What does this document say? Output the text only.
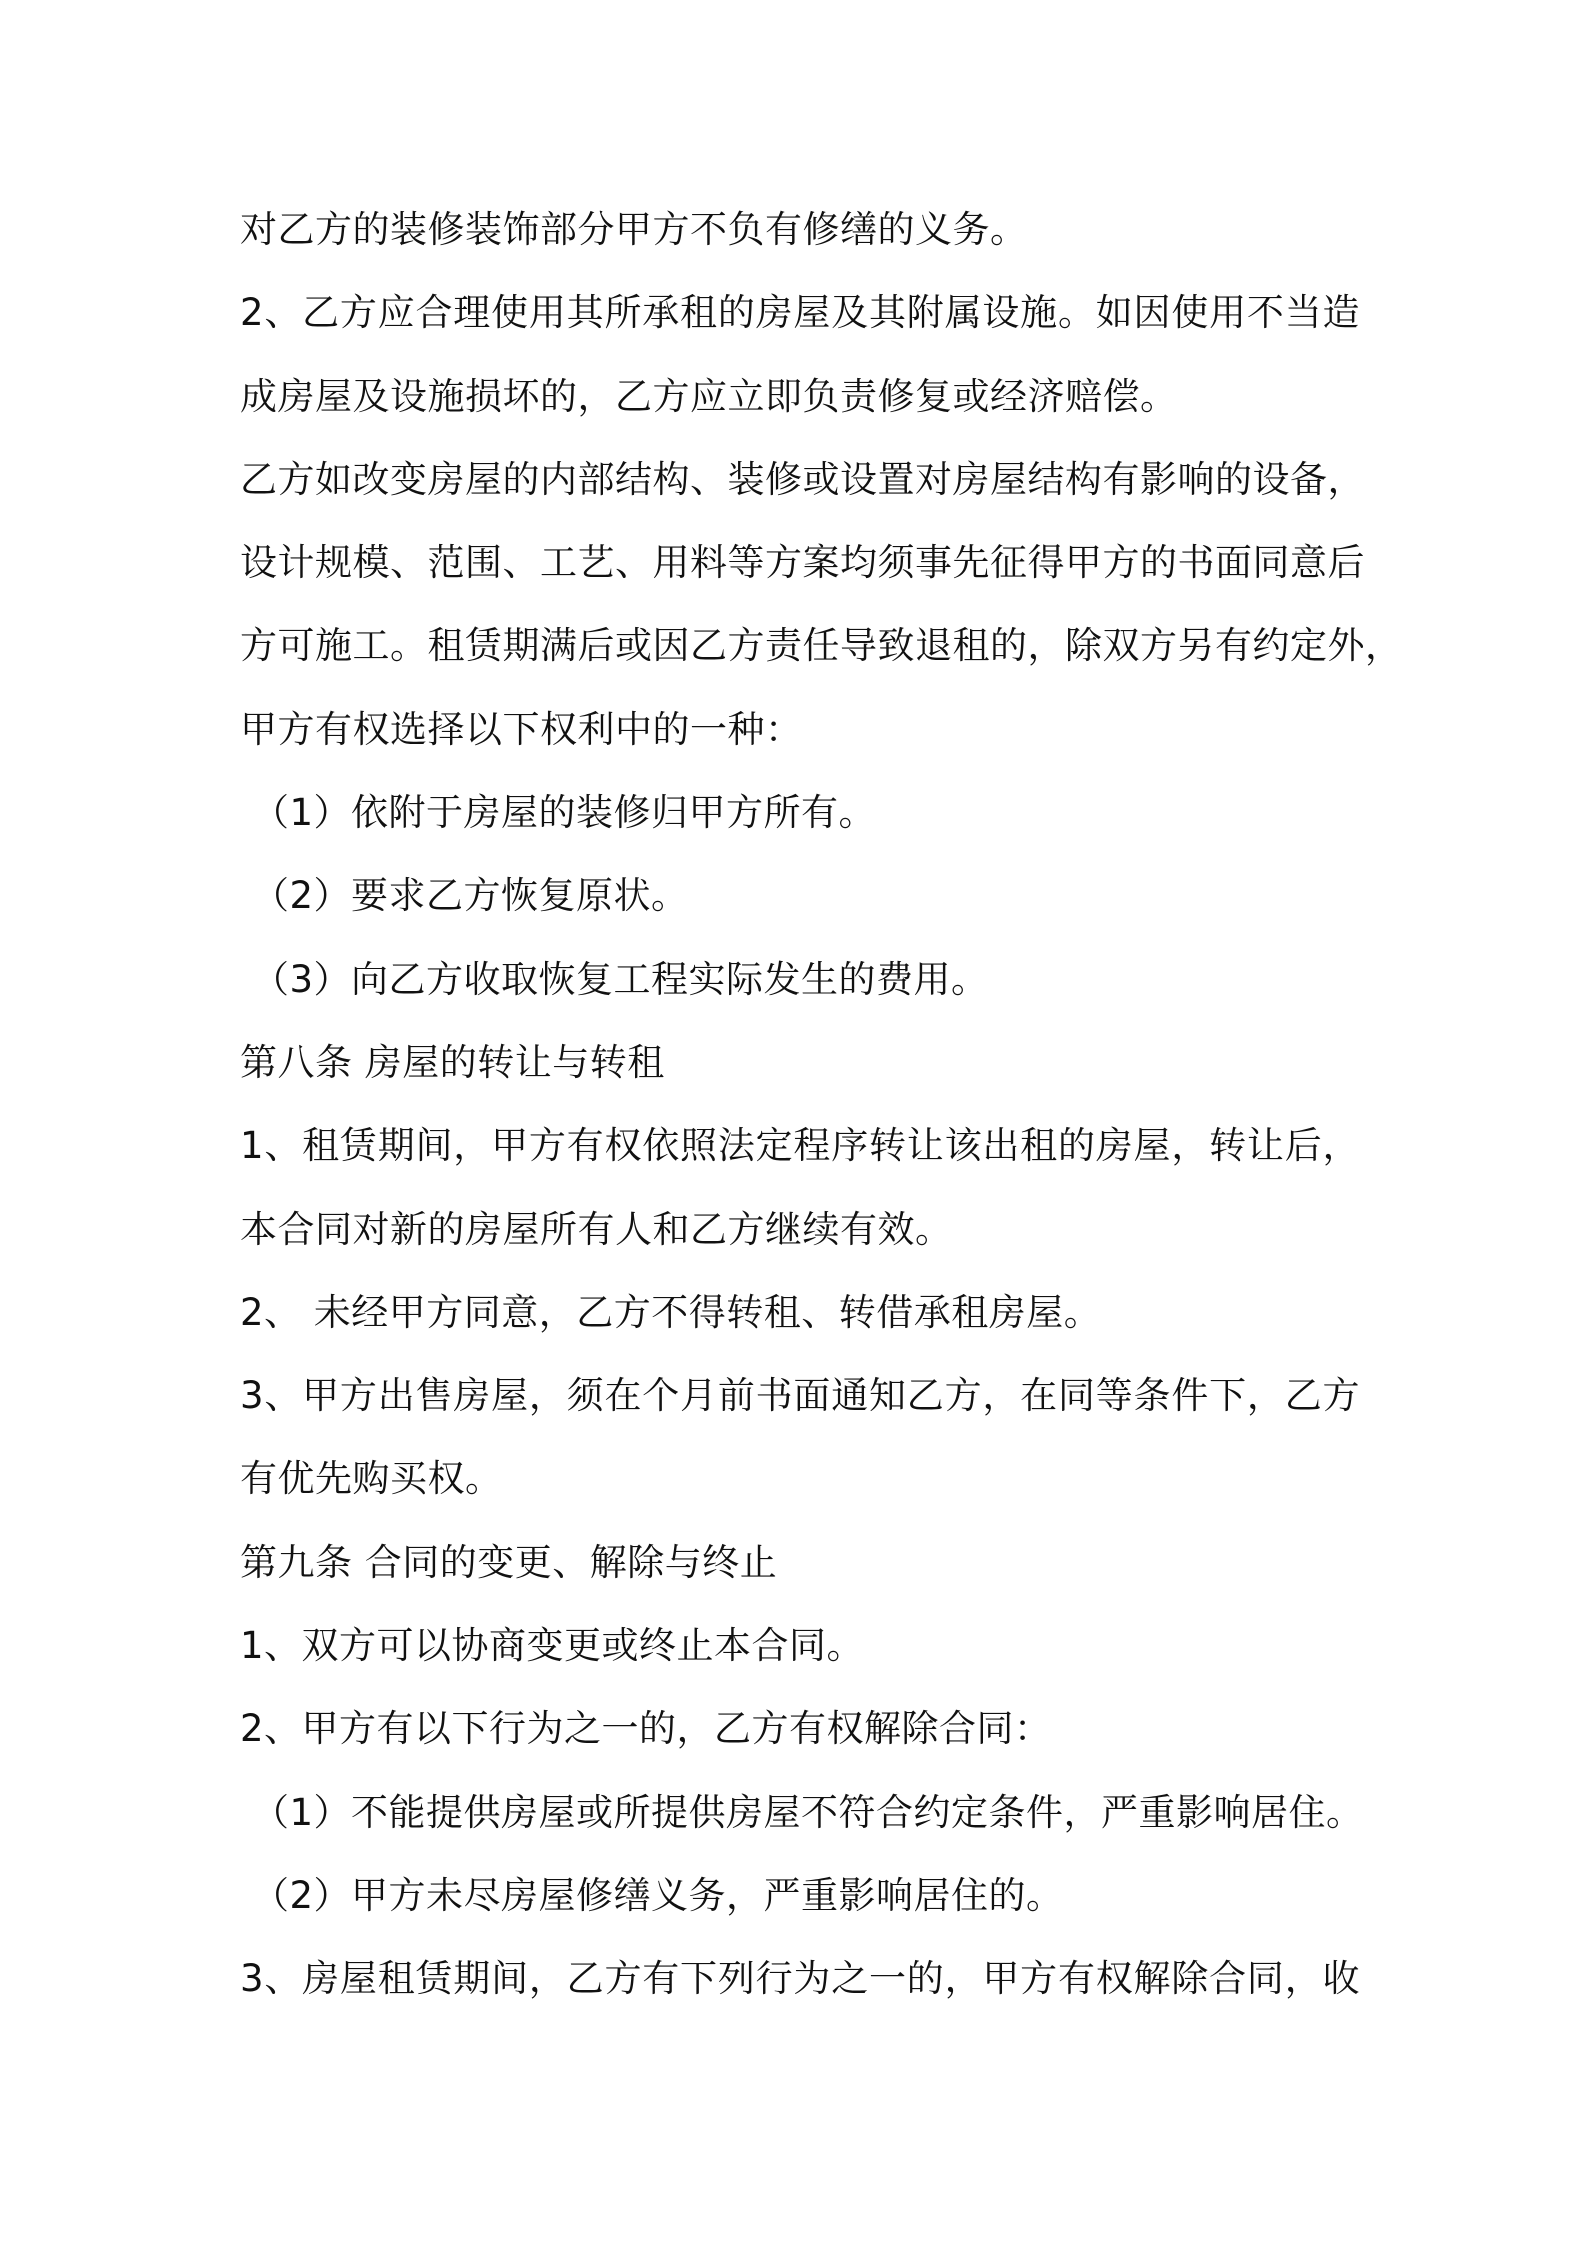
对乙方的装修装饰部分甲方不负有修缮的义务。
2、乙方应合理使用其所承租的房屋及其附属设施。如因使用不当造
成房屋及设施损坏的，乙方应立即负责修复或经济赔偿。
乙方如改变房屋的内部结构、装修或设置对房屋结构有影响的设备，
设计规模、范围、工艺、用料等方案均须事先征得甲方的书面同意后
方可施工。租赁期满后或因乙方责任导致退租的，除双方另有约定外，
甲方有权选择以下权利中的一种：
（1）依附于房屋的装修归甲方所有。
（2）要求乙方恢复原状。
（3）向乙方收取恢复工程实际发生的费用。
第八条 房屋的转让与转租
1、租赁期间，甲方有权依照法定程序转让该出租的房屋，转让后，
本合同对新的房屋所有人和乙方继续有效。
2、 未经甲方同意，乙方不得转租、转借承租房屋。
3、甲方出售房屋，须在个月前书面通知乙方，在同等条件下，乙方
有优先购买权。
第九条 合同的变更、解除与终止
1、双方可以协商变更或终止本合同。
2、甲方有以下行为之一的，乙方有权解除合同：
（1）不能提供房屋或所提供房屋不符合约定条件，严重影响居住。
（2）甲方未尽房屋修缮义务，严重影响居住的。
3、房屋租赁期间，乙方有下列行为之一的，甲方有权解除合同，收
